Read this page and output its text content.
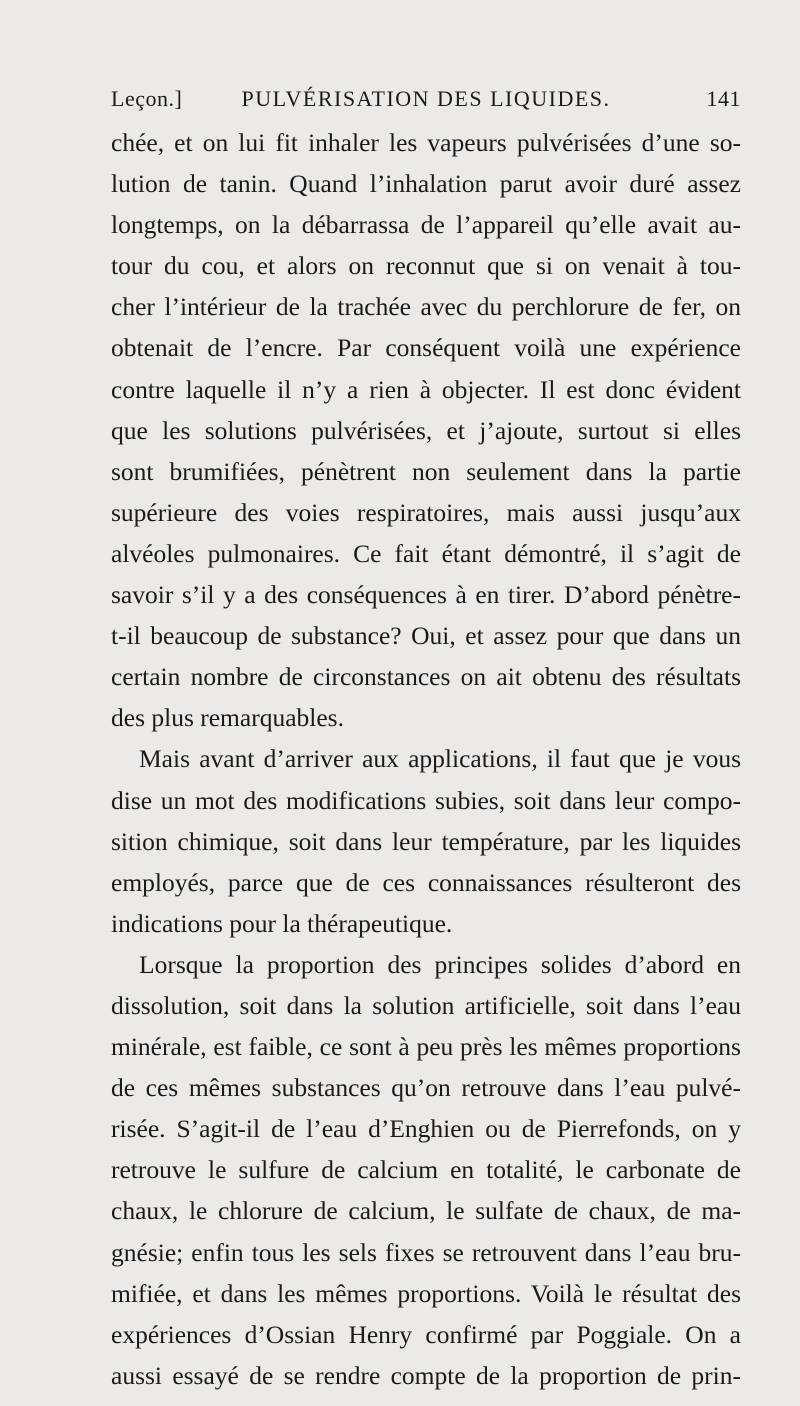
Leçon.]	PULVÉRISATION DES LIQUIDES.	141
chée, et on lui fit inhaler les vapeurs pulvérisées d’une so-
lution de tanin. Quand l’inhalation parut avoir duré assez
longtemps, on la débarrassa de l’appareil qu’elle avait au-
tour du cou, et alors on reconnut que si on venait à tou-
cher l’intérieur de la trachée avec du perchlorure de fer, on
obtenait de l’encre. Par conséquent voilà une expérience
contre laquelle il n’y a rien à objecter. Il est donc évident
que les solutions pulvérisées, et j’ajoute, surtout si elles
sont brumifiées, pénètrent non seulement dans la partie
supérieure des voies respiratoires, mais aussi jusqu’aux
alvéoles pulmonaires. Ce fait étant démontré, il s’agit de
savoir s’il y a des conséquences à en tirer. D’abord pénètre-
t-il beaucoup de substance? Oui, et assez pour que dans un
certain nombre de circonstances on ait obtenu des résultats
des plus remarquables.
Mais avant d’arriver aux applications, il faut que je vous
dise un mot des modifications subies, soit dans leur compo-
sition chimique, soit dans leur température, par les liquides
employés, parce que de ces connaissances résulteront des
indications pour la thérapeutique.
Lorsque la proportion des principes solides d’abord en
dissolution, soit dans la solution artificielle, soit dans l’eau
minérale, est faible, ce sont à peu près les mêmes proportions
de ces mêmes substances qu’on retrouve dans l’eau pulvé-
risée. S’agit-il de l’eau d’Enghien ou de Pierrefonds, on y
retrouve le sulfure de calcium en totalité, le carbonate de
chaux, le chlorure de calcium, le sulfate de chaux, de ma-
gnésie; enfin tous les sels fixes se retrouvent dans l’eau bru-
mifiée, et dans les mêmes proportions. Voilà le résultat des
expériences d’Ossian Henry confirmé par Poggiale. On a
aussi essayé de se rendre compte de la proportion de prin-
